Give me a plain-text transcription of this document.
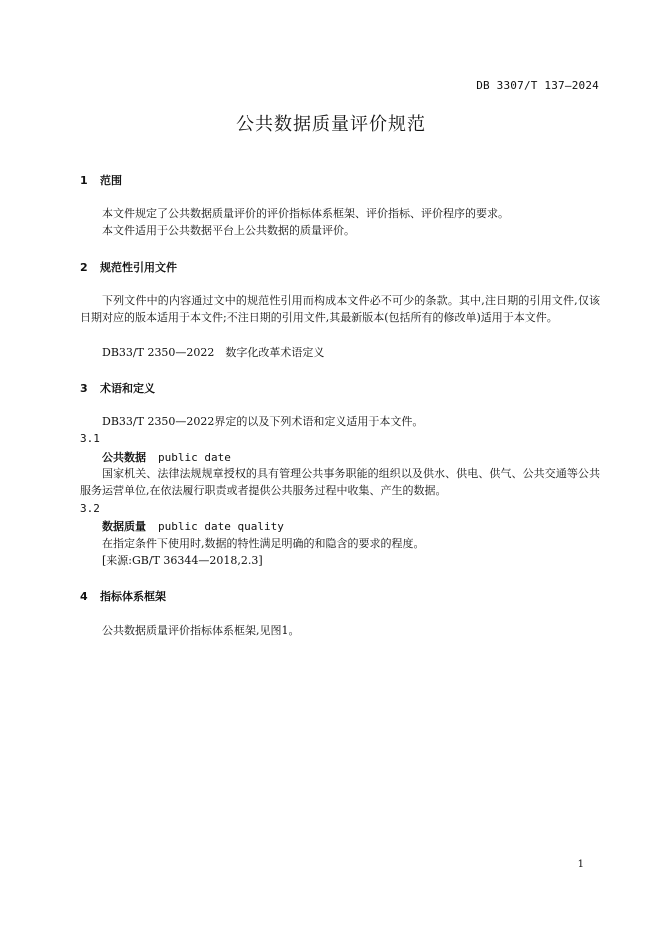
DB 3307/T 137—2024
公共数据质量评价规范
1 范围
本文件规定了公共数据质量评价的评价指标体系框架、评价指标、评价程序的要求。
本文件适用于公共数据平台上公共数据的质量评价。
2 规范性引用文件
下列文件中的内容通过文中的规范性引用而构成本文件必不可少的条款。其中,注日期的引用文件,仅该日期对应的版本适用于本文件;不注日期的引用文件,其最新版本(包括所有的修改单)适用于本文件。
DB33/T 2350—2022　数字化改革术语定义
3 术语和定义
DB33/T 2350—2022界定的以及下列术语和定义适用于本文件。
3.1
公共数据 public date
国家机关、法律法规规章授权的具有管理公共事务职能的组织以及供水、供电、供气、公共交通等公共服务运营单位,在依法履行职责或者提供公共服务过程中收集、产生的数据。
3.2
数据质量 public date quality
在指定条件下使用时,数据的特性满足明确的和隐含的要求的程度。
[来源:GB/T 36344—2018,2.3]
4 指标体系框架
公共数据质量评价指标体系框架,见图1。
1
